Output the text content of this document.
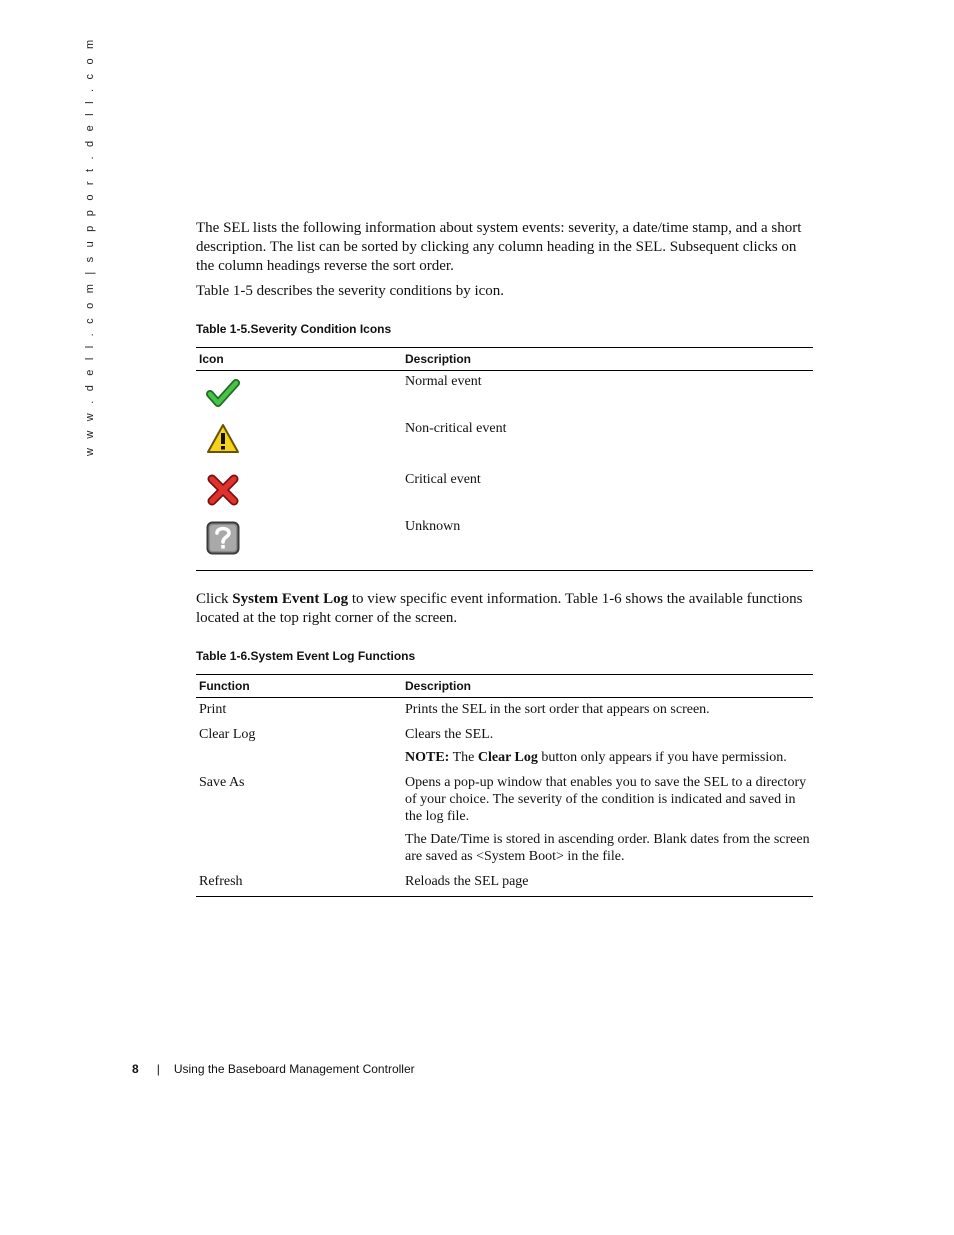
w w w . d e l l . c o m | s u p p o r t . d e l l . c o m	The SEL lists the following information about system events: severity, a date/time stamp, and a short description. The list can be sorted by clicking any column heading in the SEL. Subsequent clicks on the column headings reverse the sort order.

Table 1-5 describes the severity conditions by icon.

Table 1-5.Severity Condition Icons
Icon	Description

	Normal event

	Non-critical event

	Critical event

	Unknown

Click System Event Log to view specific event information. Table 1-6 shows the available functions located at the top right corner of the screen.

Table 1-6.System Event Log Functions
Function	Description
Print	Prints the SEL in the sort order that appears on screen.
Clear Log	Clears the SEL.
NOTE: The Clear Log button only appears if you have permission.

Save As	Opens a pop-up window that enables you to save the SEL to a directory of your choice. The severity of the condition is indicated and saved in the log file.
The Date/Time is stored in ascending order. Blank dates from the screen are saved as <System Boot> in the file.

Refresh	Reloads the SEL page

8 | Using the Baseboard Management Controller
